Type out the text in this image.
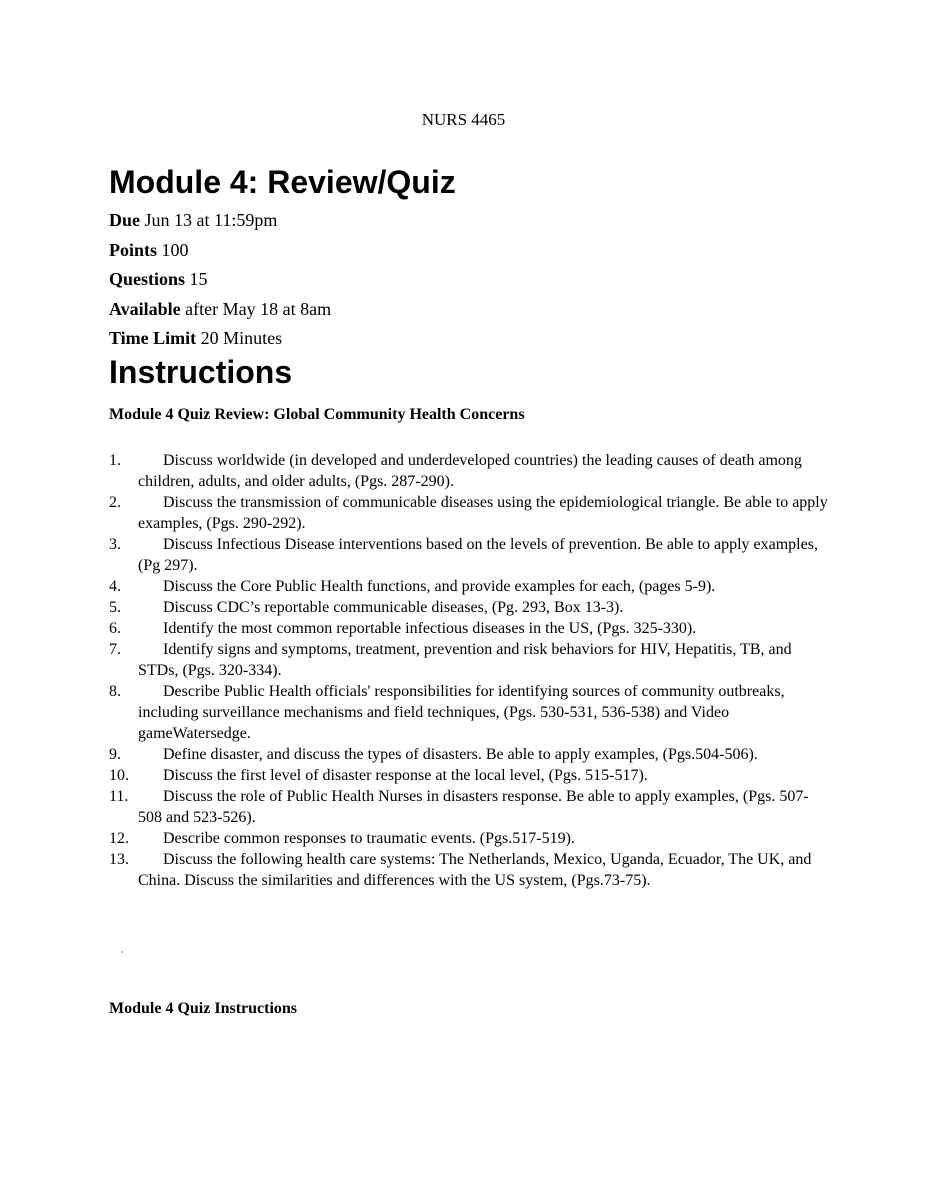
NURS 4465
Module 4: Review/Quiz
Due Jun 13 at 11:59pm
Points 100
Questions 15
Available after May 18 at 8am
Time Limit 20 Minutes
Instructions
Module 4 Quiz Review: Global Community Health Concerns
1.	Discuss worldwide (in developed and underdeveloped countries) the leading causes of death among children, adults, and older adults, (Pgs. 287-290).
2.	Discuss the transmission of communicable diseases using the epidemiological triangle. Be able to apply examples, (Pgs. 290-292).
3.	Discuss Infectious Disease interventions based on the levels of prevention. Be able to apply examples, (Pg 297).
4.	Discuss the Core Public Health functions, and provide examples for each, (pages 5-9).
5.	Discuss CDC’s reportable communicable diseases, (Pg. 293, Box 13-3).
6.	Identify the most common reportable infectious diseases in the US, (Pgs. 325-330).
7.	Identify signs and symptoms, treatment, prevention and risk behaviors for HIV, Hepatitis, TB, and STDs, (Pgs. 320-334).
8.	Describe Public Health officials' responsibilities for identifying sources of community outbreaks, including surveillance mechanisms and field techniques, (Pgs. 530-531, 536-538) and Video gameWatersedge.
9.	Define disaster, and discuss the types of disasters. Be able to apply examples, (Pgs.504-506).
10.	Discuss the first level of disaster response at the local level, (Pgs. 515-517).
11.	Discuss the role of Public Health Nurses in disasters response. Be able to apply examples, (Pgs. 507-508 and 523-526).
12.	Describe common responses to traumatic events. (Pgs.517-519).
13.	Discuss the following health care systems: The Netherlands, Mexico, Uganda, Ecuador, The UK, and China. Discuss the similarities and differences with the US system, (Pgs.73-75).
Module 4 Quiz Instructions
